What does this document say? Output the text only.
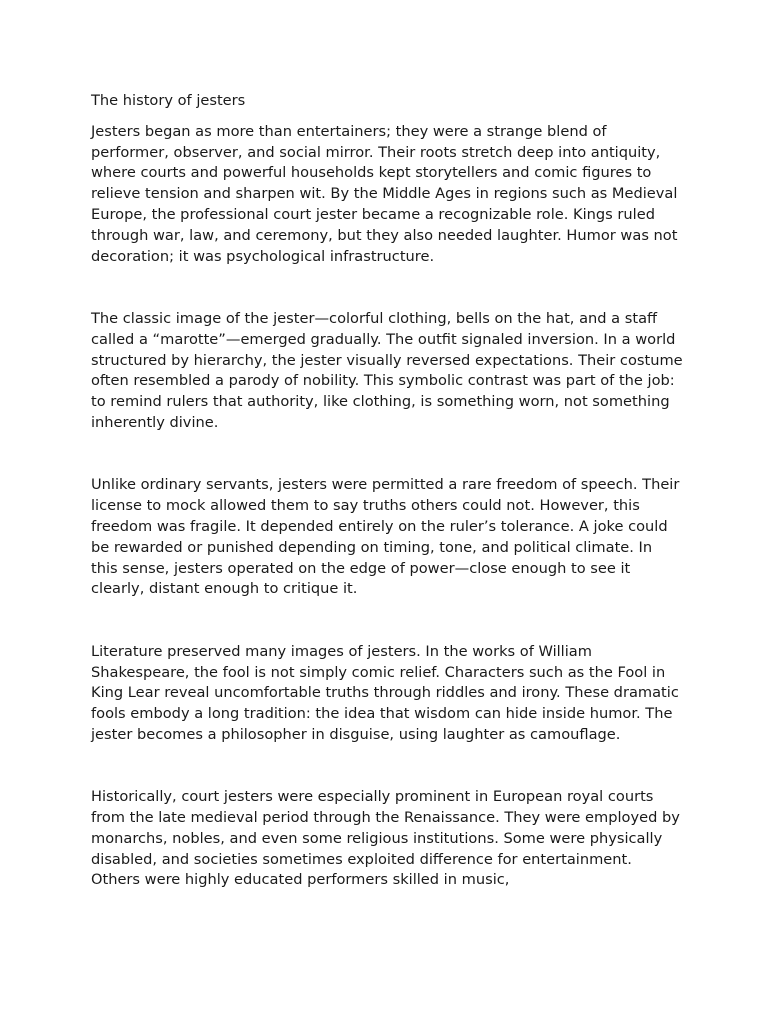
The history of jesters

Jesters began as more than entertainers; they were a strange blend of performer, observer, and social mirror. Their roots stretch deep into antiquity, where courts and powerful households kept storytellers and comic figures to relieve tension and sharpen wit. By the Middle Ages in regions such as Medieval Europe, the professional court jester became a recognizable role. Kings ruled through war, law, and ceremony, but they also needed laughter. Humor was not decoration; it was psychological infrastructure.

The classic image of the jester—colorful clothing, bells on the hat, and a staff called a “marotte”—emerged gradually. The outfit signaled inversion. In a world structured by hierarchy, the jester visually reversed expectations. Their costume often resembled a parody of nobility. This symbolic contrast was part of the job: to remind rulers that authority, like clothing, is something worn, not something inherently divine.

Unlike ordinary servants, jesters were permitted a rare freedom of speech. Their license to mock allowed them to say truths others could not. However, this freedom was fragile. It depended entirely on the ruler’s tolerance. A joke could be rewarded or punished depending on timing, tone, and political climate. In this sense, jesters operated on the edge of power—close enough to see it clearly, distant enough to critique it.

Literature preserved many images of jesters. In the works of William Shakespeare, the fool is not simply comic relief. Characters such as the Fool in King Lear reveal uncomfortable truths through riddles and irony. These dramatic fools embody a long tradition: the idea that wisdom can hide inside humor. The jester becomes a philosopher in disguise, using laughter as camouflage.

Historically, court jesters were especially prominent in European royal courts from the late medieval period through the Renaissance. They were employed by monarchs, nobles, and even some religious institutions. Some were physically disabled, and societies sometimes exploited difference for entertainment. Others were highly educated performers skilled in music,
